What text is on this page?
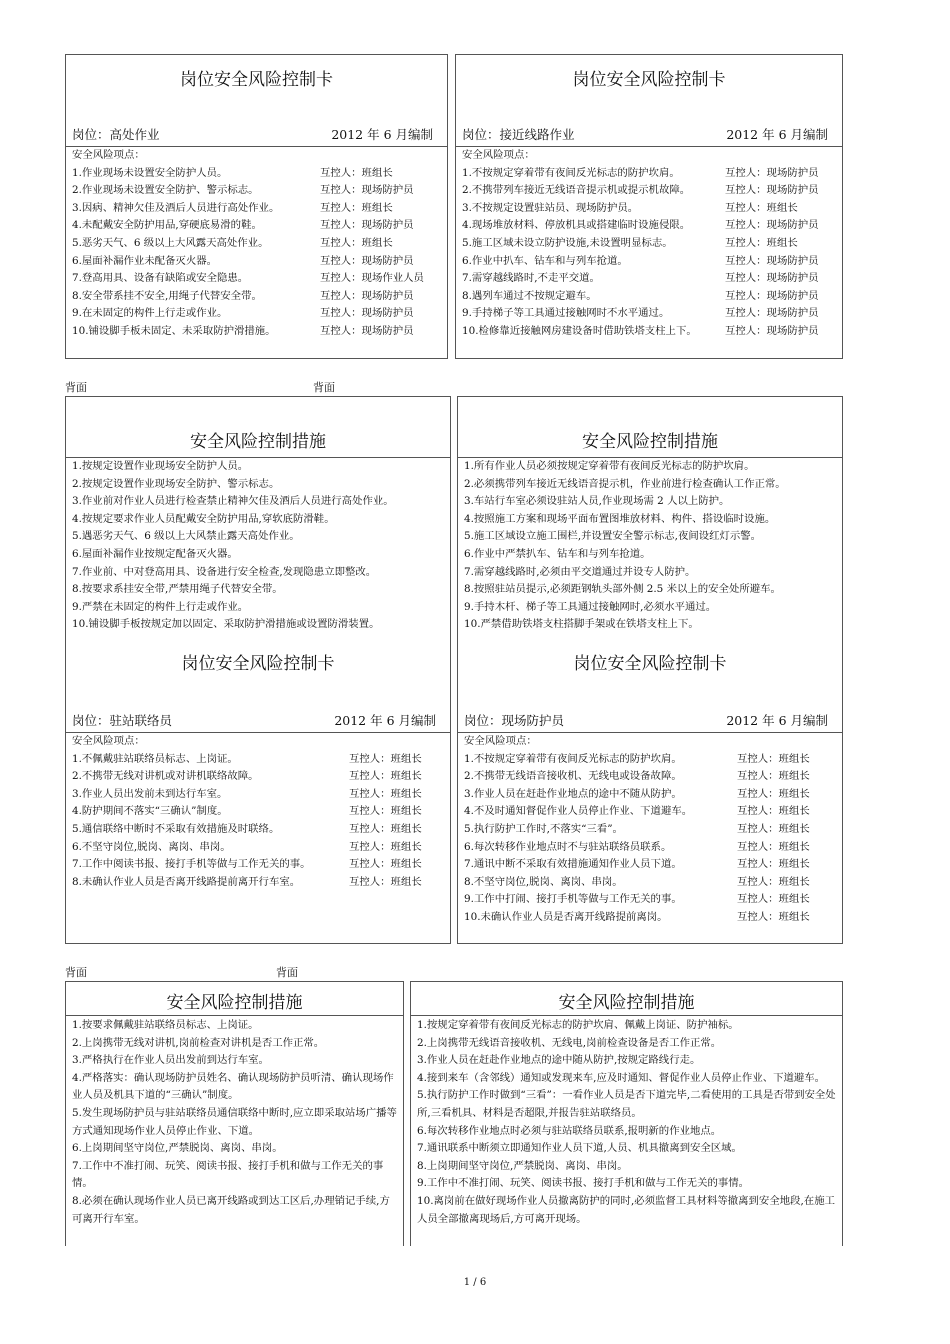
岗位安全风险控制卡
岗位：高处作业	2012 年 6 月编制
安全风险项点：
1.作业现场未设置安全防护人员。	互控人：班组长
2.作业现场未设置安全防护、警示标志。	互控人：现场防护员
3.因病、精神欠佳及酒后人员进行高处作业。	互控人：班组长
4.未配戴安全防护用品,穿硬底易滑的鞋。	互控人：现场防护员
5.恶劣天气、6 级以上大风露天高处作业。	互控人：班组长
6.屋面补漏作业未配备灭火器。	互控人：现场防护员
7.登高用具、设备有缺陷或安全隐患。	互控人：现场作业人员
8.安全带系挂不安全,用绳子代替安全带。	互控人：现场防护员
9.在未固定的构件上行走或作业。	互控人：现场防护员
10.铺设脚手板未固定、未采取防护滑措施。	互控人：现场防护员
岗位安全风险控制卡
岗位：接近线路作业	2012 年 6 月编制
安全风险项点：
1.不按规定穿着带有夜间反光标志的防护坎肩。	互控人：现场防护员
2.不携带列车接近无线语音提示机或提示机故障。	互控人：现场防护员
3.不按规定设置驻站员、现场防护员。	互控人：班组长
4.现场堆放材料、停放机具或搭建临时设施侵限。	互控人：现场防护员
5.施工区域未设立防护设施,未设置明显标志。	互控人：班组长
6.作业中扒车、钻车和与列车抢道。	互控人：现场防护员
7.需穿越线路时,不走平交道。	互控人：现场防护员
8.遇列车通过不按规定避车。	互控人：现场防护员
9.手持梯子等工具通过接触网时不水平通过。	互控人：现场防护员
10.检修靠近接触网房建设备时借助铁塔支柱上下。	互控人：现场防护员
背面	背面
安全风险控制措施
1.按规定设置作业现场安全防护人员。
2.按规定设置作业现场安全防护、警示标志。
3.作业前对作业人员进行检查禁止精神欠佳及酒后人员进行高处作业。
4.按规定要求作业人员配戴安全防护用品,穿软底防滑鞋。
5.遇恶劣天气、6 级以上大风禁止露天高处作业。
6.屋面补漏作业按规定配备灭火器。
7.作业前、中对登高用具、设备进行安全检查,发现隐患立即整改。
8.按要求系挂安全带,严禁用绳子代替安全带。
9.严禁在未固定的构件上行走或作业。
10.铺设脚手板按规定加以固定、采取防护滑措施或设置防滑装置。
岗位安全风险控制卡
岗位：驻站联络员	2012 年 6 月编制
安全风险项点：
1.不佩戴驻站联络员标志、上岗证。	互控人：班组长
2.不携带无线对讲机或对讲机联络故障。	互控人：班组长
3.作业人员出发前未到达行车室。	互控人：班组长
4.防护期间不落实“三确认”制度。	互控人：班组长
5.通信联络中断时不采取有效措施及时联络。	互控人：班组长
6.不坚守岗位,脱岗、离岗、串岗。	互控人：班组长
7.工作中阅读书报、接打手机等做与工作无关的事。	互控人：班组长
8.未确认作业人员是否离开线路提前离开行车室。	互控人：班组长
安全风险控制措施
1.所有作业人员必须按规定穿着带有夜间反光标志的防护坎肩。
2.必须携带列车接近无线语音提示机，作业前进行检查确认工作正常。
3.车站行车室必须设驻站人员,作业现场需 2 人以上防护。
4.按照施工方案和现场平面布置图堆放材料、构件、搭设临时设施。
5.施工区域设立施工围栏,并设置安全警示标志,夜间设红灯示警。
6.作业中严禁扒车、钻车和与列车抢道。
7.需穿越线路时,必须由平交道通过并设专人防护。
8.按照驻站员提示,必须距钢轨头部外侧 2.5 米以上的安全处所避车。
9.手持木杆、梯子等工具通过接触网时,必须水平通过。
10.严禁借助铁塔支柱搭脚手架或在铁塔支柱上下。
岗位安全风险控制卡
岗位：现场防护员	2012 年 6 月编制
安全风险项点：
1.不按规定穿着带有夜间反光标志的防护坎肩。	互控人：班组长
2.不携带无线语音接收机、无线电或设备故障。	互控人：班组长
3.作业人员在赶赴作业地点的途中不随从防护。	互控人：班组长
4.不及时通知督促作业人员停止作业、下道避车。	互控人：班组长
5.执行防护工作时,不落实“三看”。	互控人：班组长
6.每次转移作业地点时不与驻站联络员联系。	互控人：班组长
7.通讯中断不采取有效措施通知作业人员下道。	互控人：班组长
8.不坚守岗位,脱岗、离岗、串岗。	互控人：班组长
9.工作中打闹、接打手机等做与工作无关的事。	互控人：班组长
10.未确认作业人员是否离开线路提前离岗。	互控人：班组长
背面	背面
安全风险控制措施
1.按要求佩戴驻站联络员标志、上岗证。
2.上岗携带无线对讲机,岗前检查对讲机是否工作正常。
3.严格执行在作业人员出发前到达行车室。
4.严格落实：确认现场防护员姓名、确认现场防护员听清、确认现场作业人员及机具下道的“三确认”制度。
5.发生现场防护员与驻站联络员通信联络中断时,应立即采取站场广播等方式通知现场作业人员停止作业、下道。
6.上岗期间坚守岗位,严禁脱岗、离岗、串岗。
7.工作中不准打闹、玩笑、阅读书报、接打手机和做与工作无关的事情。
8.必须在确认现场作业人员已离开线路或到达工区后,办理销记手续,方可离开行车室。
安全风险控制措施
1.按规定穿着带有夜间反光标志的防护坎肩、佩戴上岗证、防护袖标。
2.上岗携带无线语音接收机、无线电,岗前检查设备是否工作正常。
3.作业人员在赶赴作业地点的途中随从防护,按规定路线行走。
4.接到来车（含邻线）通知或发现来车,应及时通知、督促作业人员停止作业、下道避车。
5.执行防护工作时做到“三看”：一看作业人员是否下道完毕,二看使用的工具是否带到安全处所,三看机具、材料是否超限,并报告驻站联络员。
6.每次转移作业地点时必须与驻站联络员联系,报明新的作业地点。
7.通讯联系中断须立即通知作业人员下道,人员、机具撤离到安全区域。
8.上岗期间坚守岗位,严禁脱岗、离岗、串岗。
9.工作中不准打闹、玩笑、阅读书报、接打手机和做与工作无关的事情。
10.离岗前在做好现场作业人员撤离防护的同时,必须监督工具材料等撤离到安全地段,在施工人员全部撤离现场后,方可离开现场。
1 / 6
